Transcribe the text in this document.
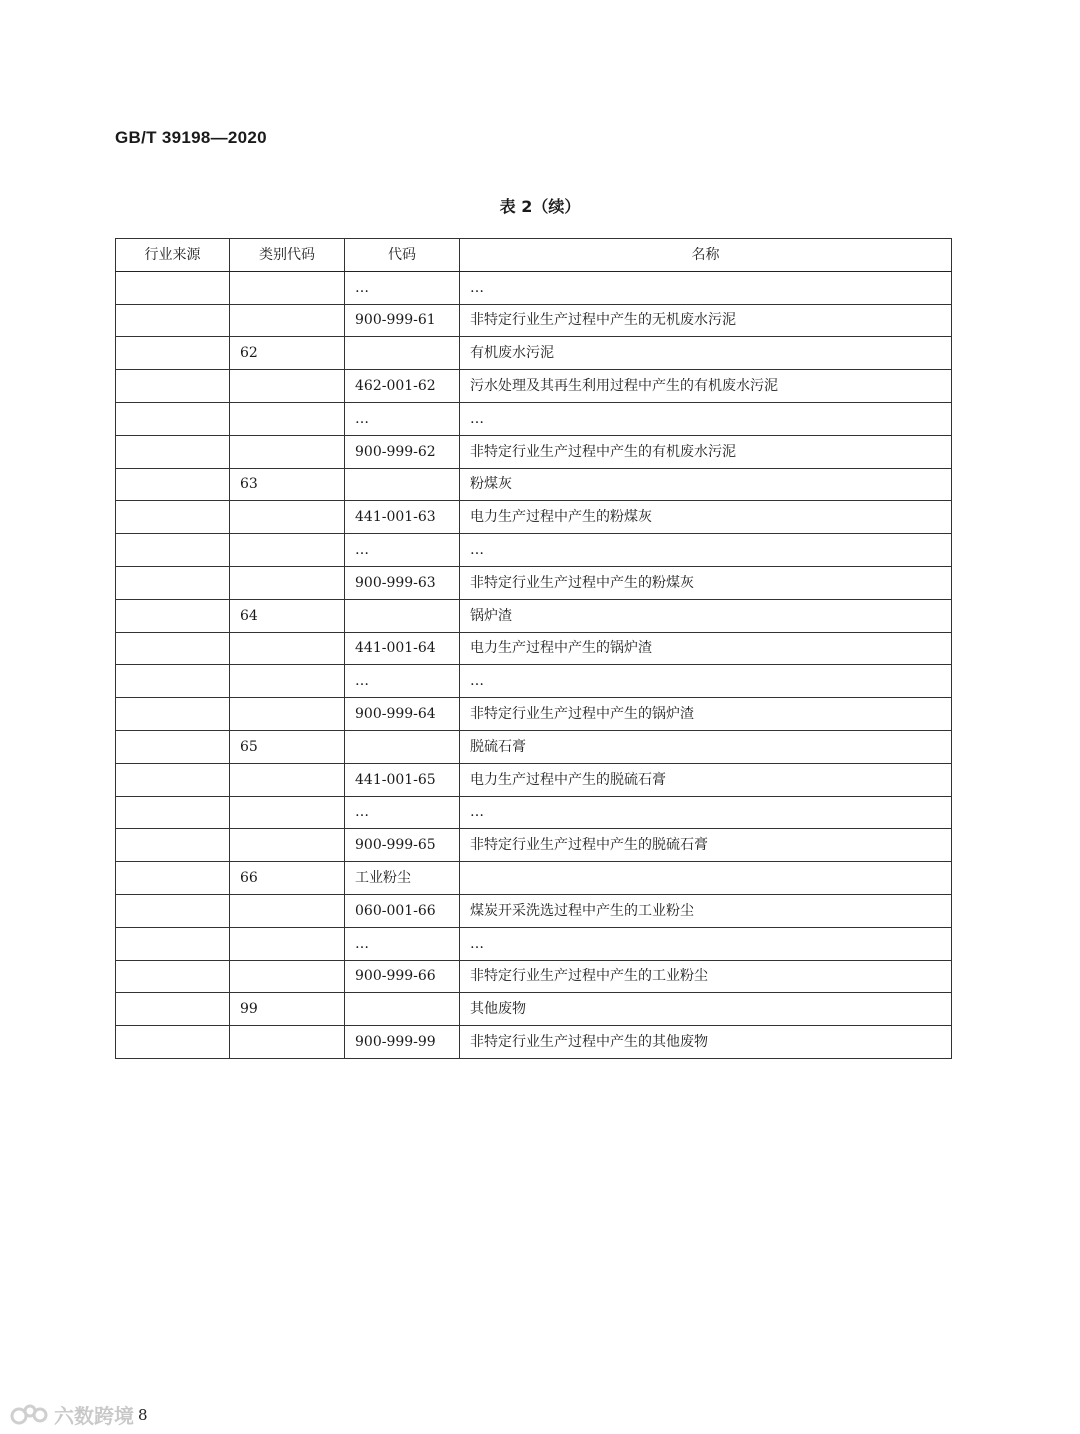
GB/T 39198—2020
表 2（续）
行业来源	类别代码	代码	名称
		…	…
		900-999-61	非特定行业生产过程中产生的无机废水污泥
	62		有机废水污泥
		462-001-62	污水处理及其再生利用过程中产生的有机废水污泥
		…	…
		900-999-62	非特定行业生产过程中产生的有机废水污泥
	63		粉煤灰
		441-001-63	电力生产过程中产生的粉煤灰
		…	…
		900-999-63	非特定行业生产过程中产生的粉煤灰
	64		锅炉渣
		441-001-64	电力生产过程中产生的锅炉渣
		…	…
		900-999-64	非特定行业生产过程中产生的锅炉渣
	65		脱硫石膏
		441-001-65	电力生产过程中产生的脱硫石膏
		…	…
		900-999-65	非特定行业生产过程中产生的脱硫石膏
	66	工业粉尘	
		060-001-66	煤炭开采洗选过程中产生的工业粉尘
		…	…
		900-999-66	非特定行业生产过程中产生的工业粉尘
	99		其他废物
		900-999-99	非特定行业生产过程中产生的其他废物
六数跨境 8
